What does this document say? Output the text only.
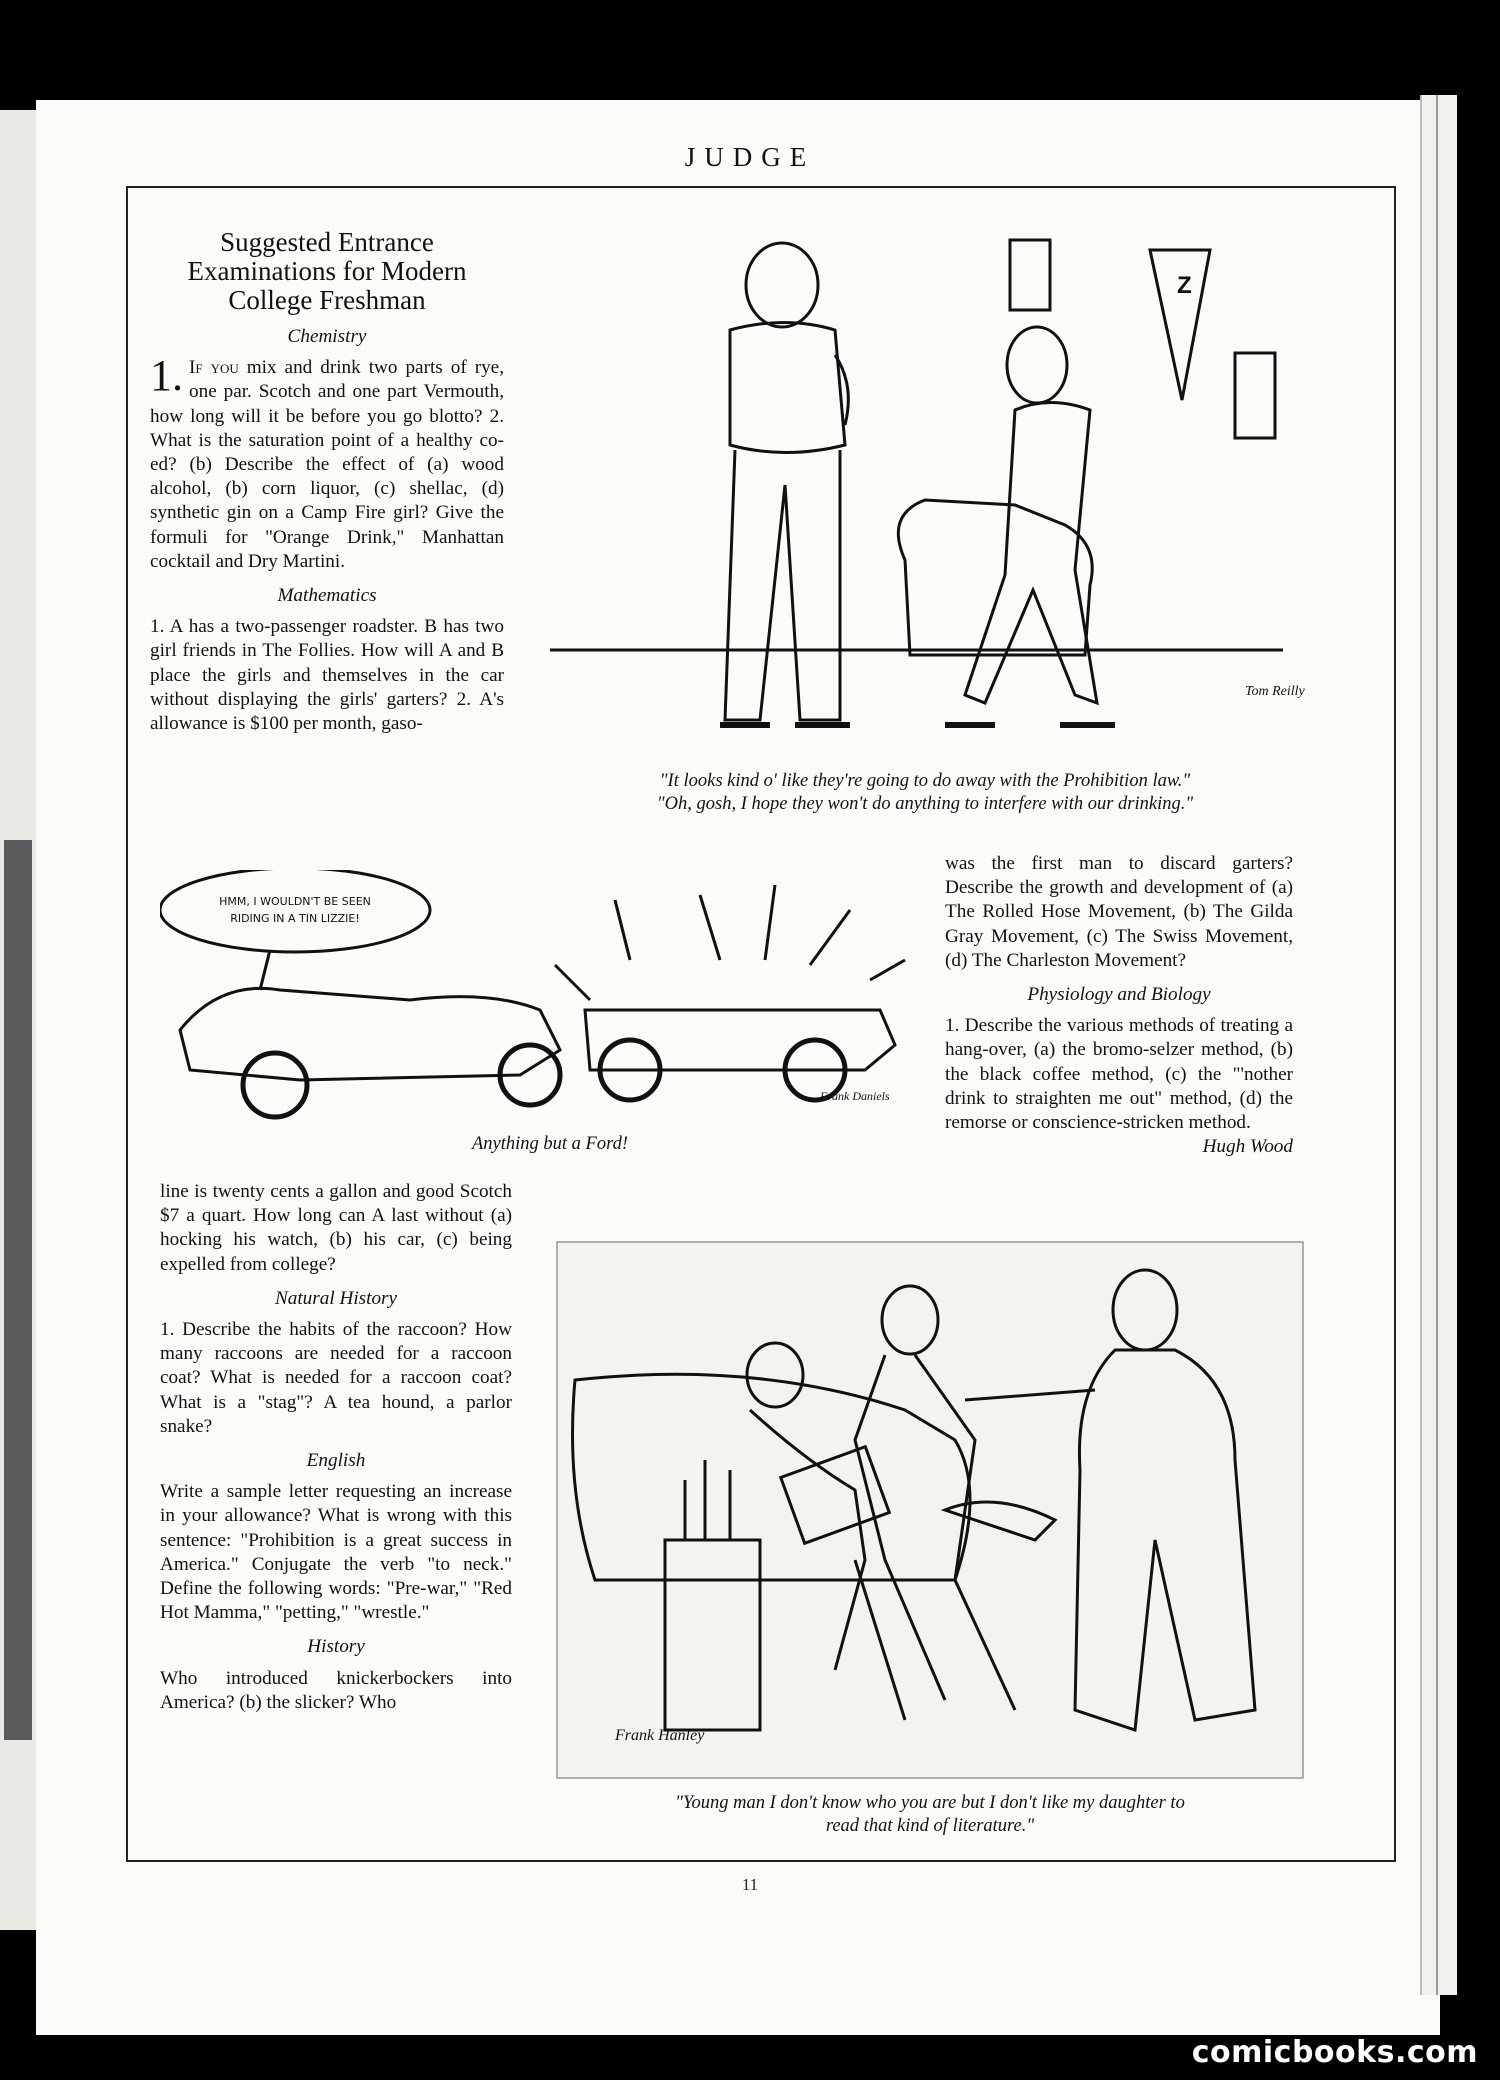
JUDGE

Suggested Entrance Examinations for Modern College Freshman

Chemistry

1. If you mix and drink two parts of rye, one par. Scotch and one part Vermouth, how long will it be before you go blotto? 2. What is the saturation point of a healthy co-ed? (b) Describe the effect of (a) wood alcohol, (b) corn liquor, (c) shellac, (d) synthetic gin on a Camp Fire girl? Give the formuli for "Orange Drink," Manhattan cocktail and Dry Martini.

Mathematics

1. A has a two-passenger roadster. B has two girl friends in The Follies. How will A and B place the girls and themselves in the car without displaying the girls' garters? 2. A's allowance is $100 per month, gaso-

line is twenty cents a gallon and good Scotch $7 a quart. How long can A last without (a) hocking his watch, (b) his car, (c) being expelled from college?

Natural History

1. Describe the habits of the raccoon? How many raccoons are needed for a raccoon coat? What is needed for a raccoon coat? What is a "stag"? A tea hound, a parlor snake?

English

Write a sample letter requesting an increase in your allowance? What is wrong with this sentence: "Prohibition is a great success in America." Conjugate the verb "to neck." Define the following words: "Pre-war," "Red Hot Mamma," "petting," "wrestle."

History

Who introduced knickerbockers into America? (b) the slicker? Who

was the first man to discard garters? Describe the growth and development of (a) The Rolled Hose Movement, (b) The Gilda Gray Movement, (c) The Swiss Movement, (d) The Charleston Movement?

Physiology and Biology

1. Describe the various methods of treating a hang-over, (a) the bromo-selzer method, (b) the black coffee method, (c) the "'nother drink to straighten me out" method, (d) the remorse or conscience-stricken method.
Hugh Wood

Tom Reilly
Z
"It looks kind o' like they're going to do away with the Prohibition law."
"Oh, gosh, I hope they won't do anything to interfere with our drinking."
HMM, I WOULDN'T BE SEEN
RIDING IN A TIN LIZZIE!
Frank Daniels
Anything but a Ford!
Frank Hanley
"Young man I don't know who you are but I don't like my daughter to
read that kind of literature."
11
comicbooks.com
